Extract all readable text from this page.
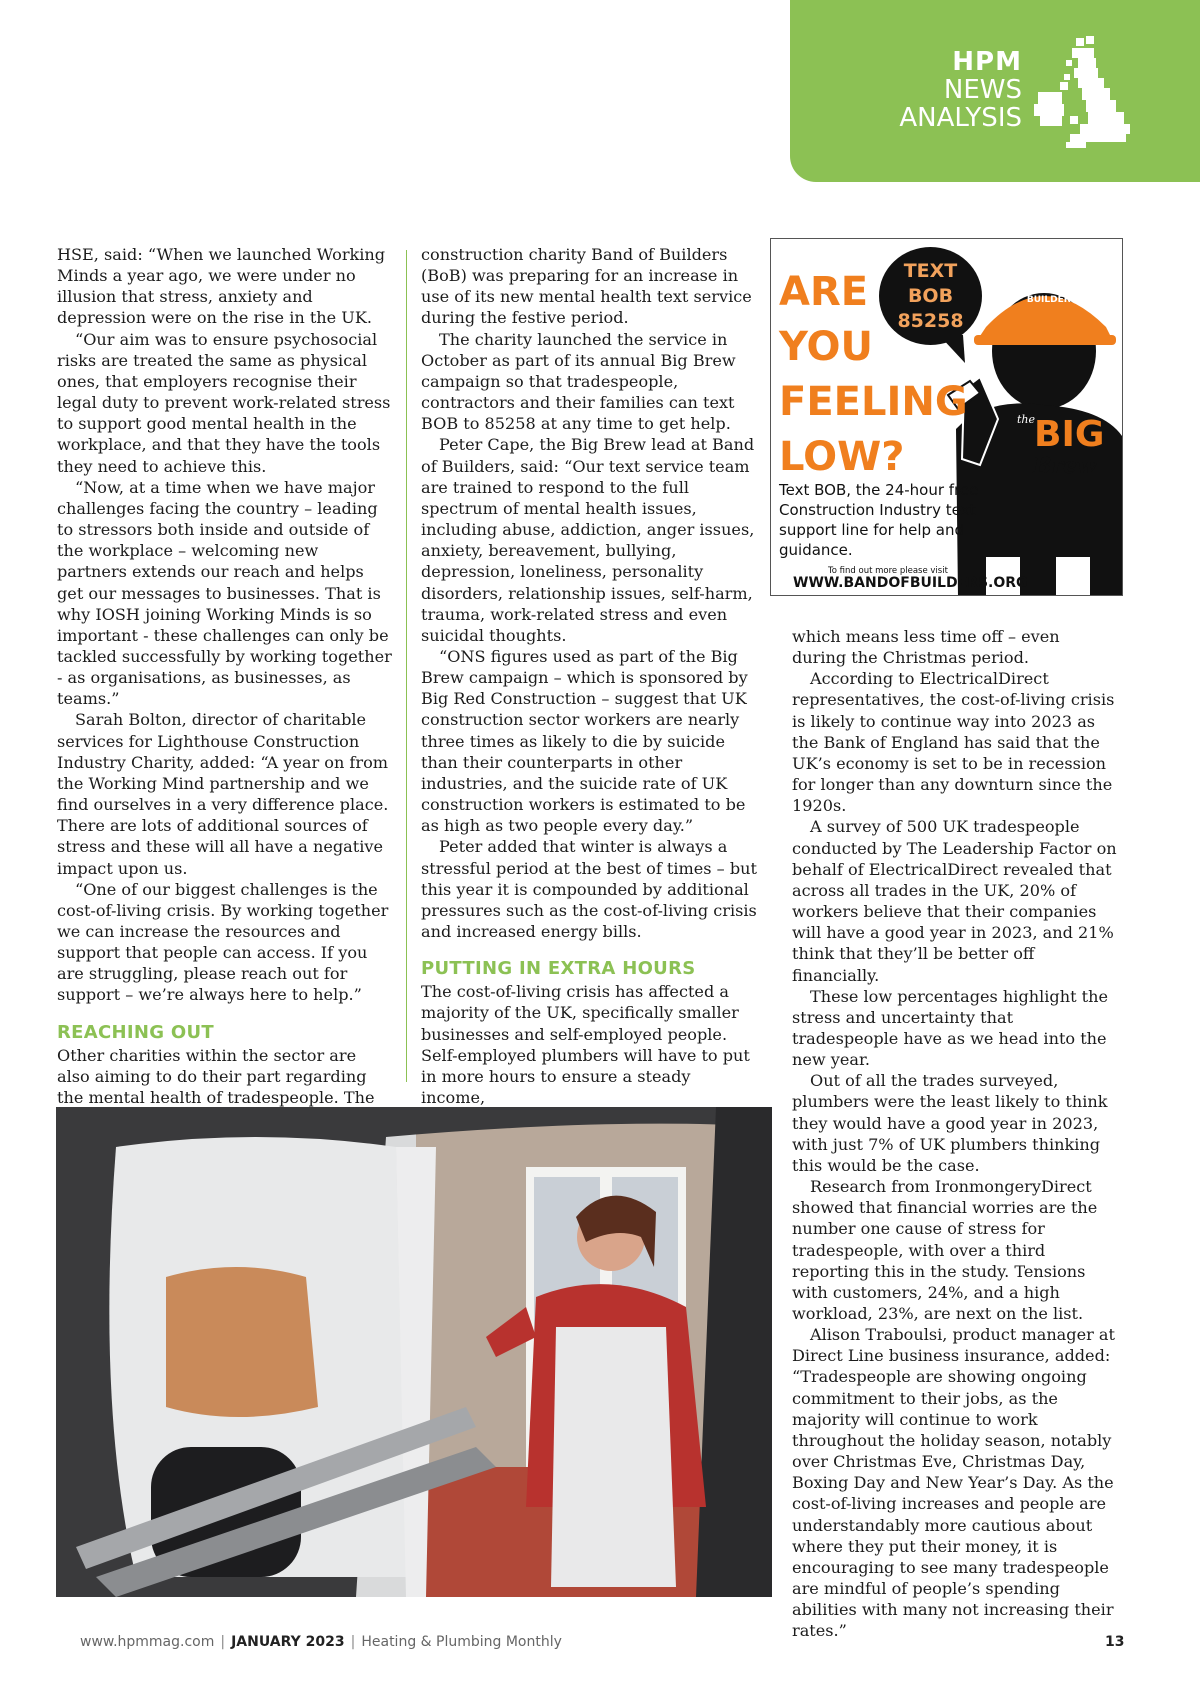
HPM
NEWS
ANALYSIS

HSE, said: “When we launched Working Minds a year ago, we were under no illusion that stress, anxiety and depression were on the rise in the UK.

“Our aim was to ensure psychosocial risks are treated the same as physical ones, that employers recognise their legal duty to prevent work-related stress to support good mental health in the workplace, and that they have the tools they need to achieve this.

“Now, at a time when we have major challenges facing the country – leading to stressors both inside and outside of the workplace – welcoming new partners extends our reach and helps get our messages to businesses. That is why IOSH joining Working Minds is so important - these challenges can only be tackled successfully by working together - as organisations, as businesses, as teams.”

Sarah Bolton, director of charitable services for Lighthouse Construction Industry Charity, added: “A year on from the Working Mind partnership and we find ourselves in a very difference place. There are lots of additional sources of stress and these will all have a negative impact upon us.

“One of our biggest challenges is the cost-of-living crisis. By working together we can increase the resources and support that people can access. If you are struggling, please reach out for support – we’re always here to help.”

REACHING OUT

Other charities within the sector are also aiming to do their part regarding the mental health of tradespeople. The

construction charity Band of Builders (BoB) was preparing for an increase in use of its new mental health text service during the festive period.

The charity launched the service in October as part of its annual Big Brew campaign so that tradespeople, contractors and their families can text BOB to 85258 at any time to get help.

Peter Cape, the Big Brew lead at Band of Builders, said: “Our text service team are trained to respond to the full spectrum of mental health issues, including abuse, addiction, anger issues, anxiety, bereavement, bullying, depression, loneliness, personality disorders, relationship issues, self-harm, trauma, work-related stress and even suicidal thoughts.

“ONS figures used as part of the Big Brew campaign – which is sponsored by Big Red Construction – suggest that UK construction sector workers are nearly three times as likely to die by suicide than their counterparts in other industries, and the suicide rate of UK construction workers is estimated to be as high as two people every day.”

Peter added that winter is always a stressful period at the best of times – but this year it is compounded by additional pressures such as the cost-of-living crisis and increased energy bills.

PUTTING IN EXTRA HOURS

The cost-of-living crisis has affected a majority of the UK, specifically smaller businesses and self-employed people. Self-employed plumbers will have to put in more hours to ensure a steady income,

ARE
YOU
FEELING
LOW?
TEXT
BOB
85258
BAND OF
BUILDERS
the
BIG
Brew
Text BOB, the 24-hour free Construction Industry text support line for help and guidance.
To find out more please visit
WWW.BANDOFBUILDERS.ORG

which means less time off – even during the Christmas period.

According to ElectricalDirect representatives, the cost-of-living crisis is likely to continue way into 2023 as the Bank of England has said that the UK’s economy is set to be in recession for longer than any downturn since the 1920s.

A survey of 500 UK tradespeople conducted by The Leadership Factor on behalf of ElectricalDirect revealed that across all trades in the UK, 20% of workers believe that their companies will have a good year in 2023, and 21% think that they’ll be better off financially.

These low percentages highlight the stress and uncertainty that tradespeople have as we head into the new year.

Out of all the trades surveyed, plumbers were the least likely to think they would have a good year in 2023, with just 7% of UK plumbers thinking this would be the case.

Research from IronmongeryDirect showed that financial worries are the number one cause of stress for tradespeople, with over a third reporting this in the study. Tensions with customers, 24%, and a high workload, 23%, are next on the list.

Alison Traboulsi, product manager at Direct Line business insurance, added: “Tradespeople are showing ongoing commitment to their jobs, as the majority will continue to work throughout the holiday season, notably over Christmas Eve, Christmas Day, Boxing Day and New Year’s Day. As the cost-of-living increases and people are understandably more cautious about where they put their money, it is encouraging to see many tradespeople are mindful of people’s spending abilities with many not increasing their rates.”

www.hpmmag.com | JANUARY 2023 | Heating & Plumbing Monthly	13
